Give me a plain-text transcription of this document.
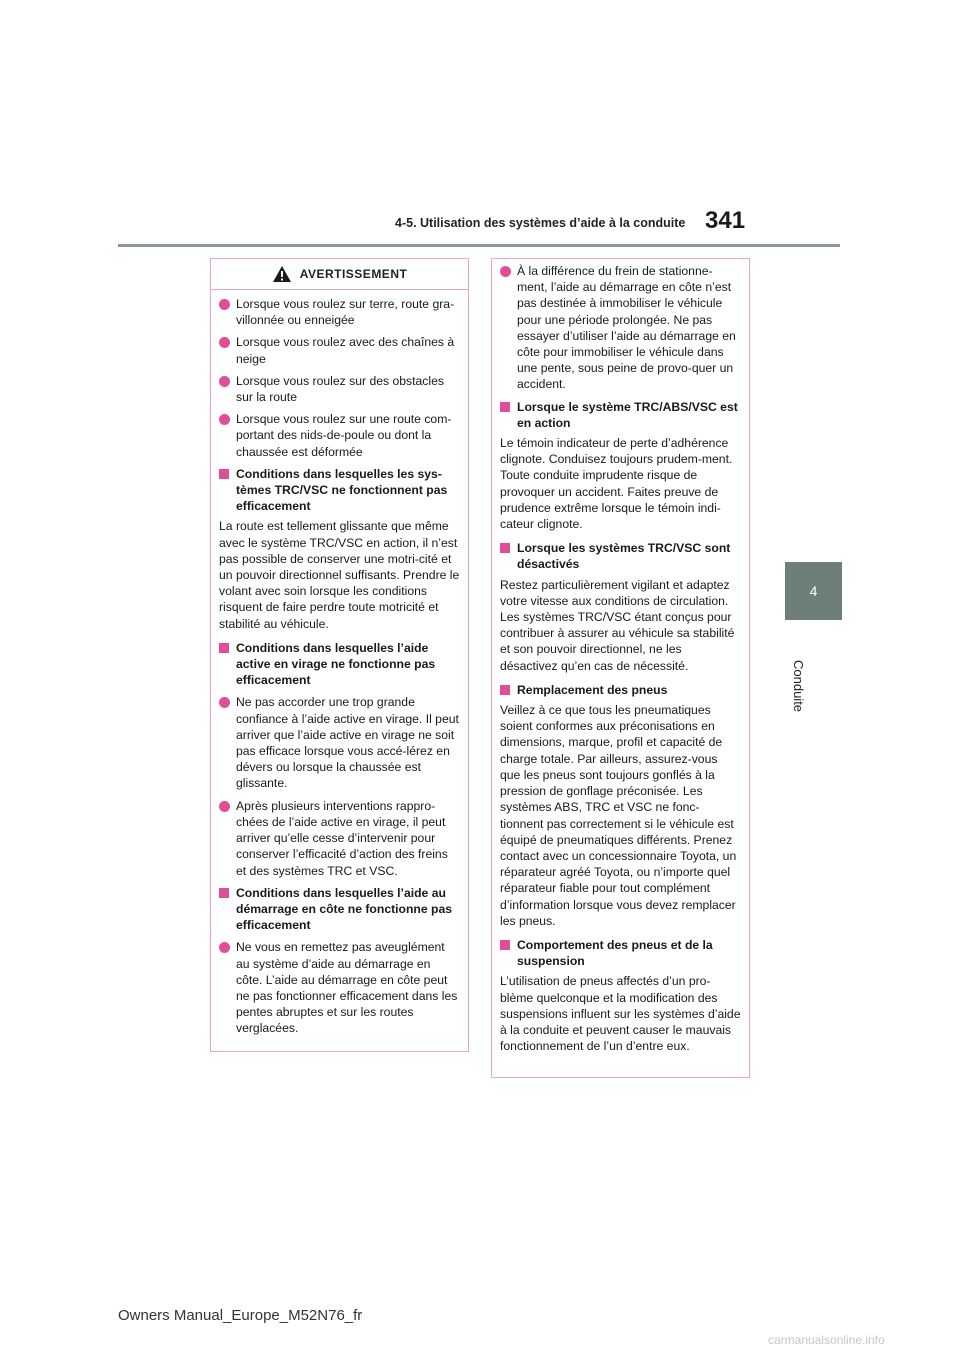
4-5. Utilisation des systèmes d’aide à la conduite 341
4
Conduite
AVERTISSEMENT
Lorsque vous roulez sur terre, route gra-villonnée ou enneigée
Lorsque vous roulez avec des chaînes à neige
Lorsque vous roulez sur des obstacles sur la route
Lorsque vous roulez sur une route com-portant des nids-de-poule ou dont la chaussée est déformée
Conditions dans lesquelles les sys-tèmes TRC/VSC ne fonctionnent pas efficacement
La route est tellement glissante que même avec le système TRC/VSC en action, il n’est pas possible de conserver une motri-cité et un pouvoir directionnel suffisants. Prendre le volant avec soin lorsque les conditions risquent de faire perdre toute motricité et stabilité au véhicule.
Conditions dans lesquelles l’aide active en virage ne fonctionne pas efficacement
Ne pas accorder une trop grande confiance à l’aide active en virage. Il peut arriver que l’aide active en virage ne soit pas efficace lorsque vous accé-lérez en dévers ou lorsque la chaussée est glissante.
Après plusieurs interventions rappro-chées de l’aide active en virage, il peut arriver qu’elle cesse d’intervenir pour conserver l’efficacité d’action des freins et des systèmes TRC et VSC.
Conditions dans lesquelles l’aide au démarrage en côte ne fonctionne pas efficacement
Ne vous en remettez pas aveuglément au système d’aide au démarrage en côte. L’aide au démarrage en côte peut ne pas fonctionner efficacement dans les pentes abruptes et sur les routes verglacées.
À la différence du frein de stationne-ment, l’aide au démarrage en côte n’est pas destinée à immobiliser le véhicule pour une période prolongée. Ne pas essayer d’utiliser l’aide au démarrage en côte pour immobiliser le véhicule dans une pente, sous peine de provo-quer un accident.
Lorsque le système TRC/ABS/VSC est en action
Le témoin indicateur de perte d’adhérence clignote. Conduisez toujours prudem-ment. Toute conduite imprudente risque de provoquer un accident. Faites preuve de prudence extrême lorsque le témoin indi-cateur clignote.
Lorsque les systèmes TRC/VSC sont désactivés
Restez particulièrement vigilant et adaptez votre vitesse aux conditions de circulation. Les systèmes TRC/VSC étant conçus pour contribuer à assurer au véhicule sa stabilité et son pouvoir directionnel, ne les désactivez qu’en cas de nécessité.
Remplacement des pneus
Veillez à ce que tous les pneumatiques soient conformes aux préconisations en dimensions, marque, profil et capacité de charge totale. Par ailleurs, assurez-vous que les pneus sont toujours gonflés à la pression de gonflage préconisée. Les systèmes ABS, TRC et VSC ne fonc-tionnent pas correctement si le véhicule est équipé de pneumatiques différents. Prenez contact avec un concessionnaire Toyota, un réparateur agréé Toyota, ou n’importe quel réparateur fiable pour tout complément d’information lorsque vous devez remplacer les pneus.
Comportement des pneus et de la suspension
L’utilisation de pneus affectés d’un pro-blème quelconque et la modification des suspensions influent sur les systèmes d’aide à la conduite et peuvent causer le mauvais fonctionnement de l’un d’entre eux.
Owners Manual_Europe_M52N76_fr
carmanualsonline.info
